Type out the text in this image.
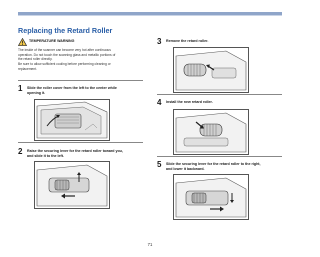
Replacing the Retard Roller
TEMPERATURE WARNING
The inside of the scanner can become very hot after continuous
operation. Do not touch the scanning glass and metallic portions of
the retard roller directly.
Be sure to allow sufficient cooling before performing cleaning or
replacement.
1 Slide the roller cover from the left to the center while
opening it.
2 Raise the securing lever for the retard roller toward you,
and slide it to the left.
3 Remove the retard roller.
4 Install the new retard roller.
5 Slide the securing lever for the retard roller to the right,
and lower it backward.
71
